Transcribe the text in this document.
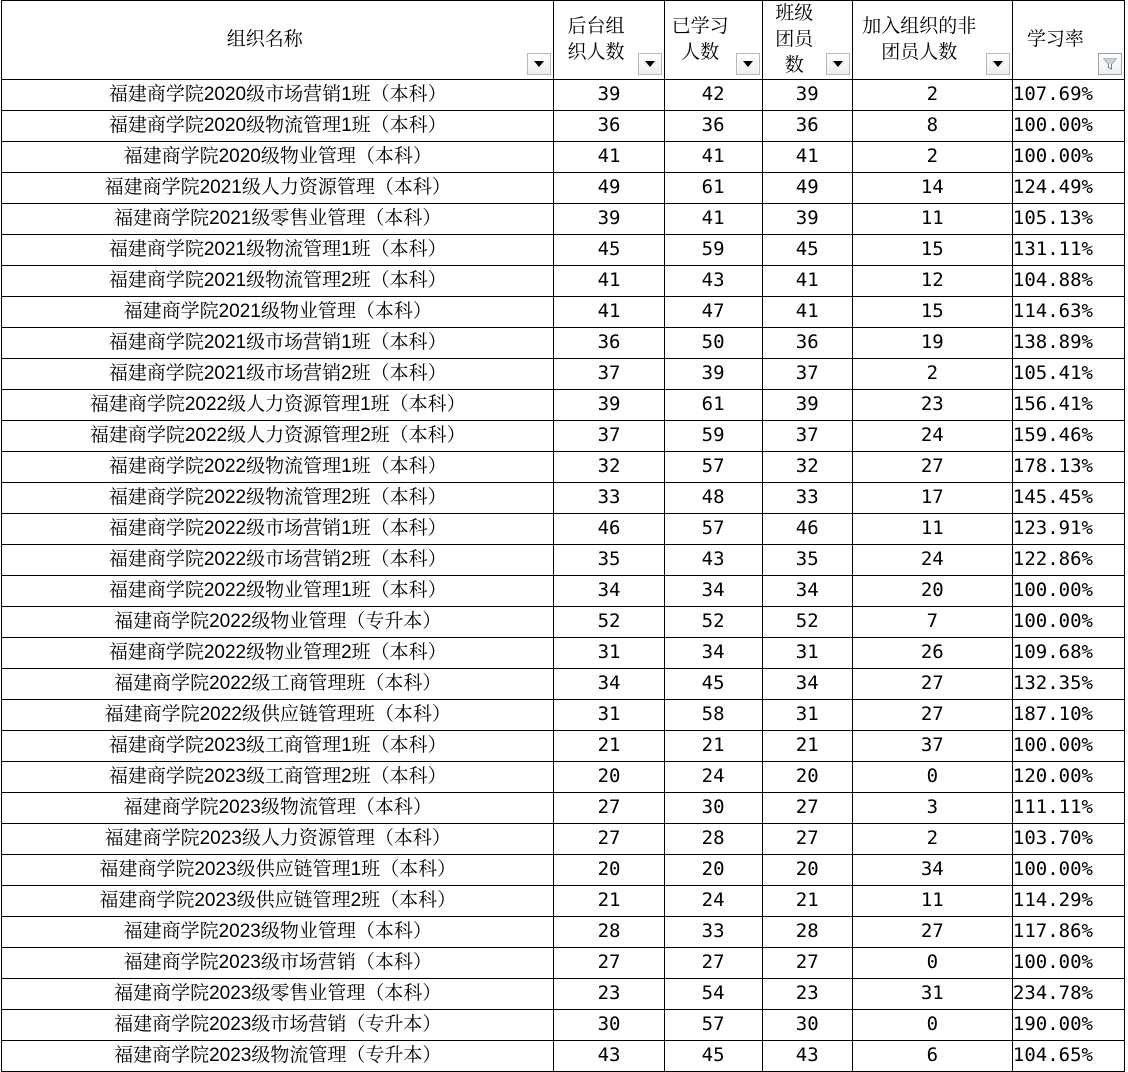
组织名称	后台组织人数	已学习人数	班级团员数	加入组织的非团员人数	学习率

福建商学院2020级市场营销1班（本科）	39	42	39	2	107.69%
福建商学院2020级物流管理1班（本科）	36	36	36	8	100.00%
福建商学院2020级物业管理（本科）	41	41	41	2	100.00%
福建商学院2021级人力资源管理（本科）	49	61	49	14	124.49%
福建商学院2021级零售业管理（本科）	39	41	39	11	105.13%
福建商学院2021级物流管理1班（本科）	45	59	45	15	131.11%
福建商学院2021级物流管理2班（本科）	41	43	41	12	104.88%
福建商学院2021级物业管理（本科）	41	47	41	15	114.63%
福建商学院2021级市场营销1班（本科）	36	50	36	19	138.89%
福建商学院2021级市场营销2班（本科）	37	39	37	2	105.41%
福建商学院2022级人力资源管理1班（本科）	39	61	39	23	156.41%
福建商学院2022级人力资源管理2班（本科）	37	59	37	24	159.46%
福建商学院2022级物流管理1班（本科）	32	57	32	27	178.13%
福建商学院2022级物流管理2班（本科）	33	48	33	17	145.45%
福建商学院2022级市场营销1班（本科）	46	57	46	11	123.91%
福建商学院2022级市场营销2班（本科）	35	43	35	24	122.86%
福建商学院2022级物业管理1班（本科）	34	34	34	20	100.00%
福建商学院2022级物业管理（专升本）	52	52	52	7	100.00%
福建商学院2022级物业管理2班（本科）	31	34	31	26	109.68%
福建商学院2022级工商管理班（本科）	34	45	34	27	132.35%
福建商学院2022级供应链管理班（本科）	31	58	31	27	187.10%
福建商学院2023级工商管理1班（本科）	21	21	21	37	100.00%
福建商学院2023级工商管理2班（本科）	20	24	20	0	120.00%
福建商学院2023级物流管理（本科）	27	30	27	3	111.11%
福建商学院2023级人力资源管理（本科）	27	28	27	2	103.70%
福建商学院2023级供应链管理1班（本科）	20	20	20	34	100.00%
福建商学院2023级供应链管理2班（本科）	21	24	21	11	114.29%
福建商学院2023级物业管理（本科）	28	33	28	27	117.86%
福建商学院2023级市场营销（本科）	27	27	27	0	100.00%
福建商学院2023级零售业管理（本科）	23	54	23	31	234.78%
福建商学院2023级市场营销（专升本）	30	57	30	0	190.00%
福建商学院2023级物流管理（专升本）	43	45	43	6	104.65%
